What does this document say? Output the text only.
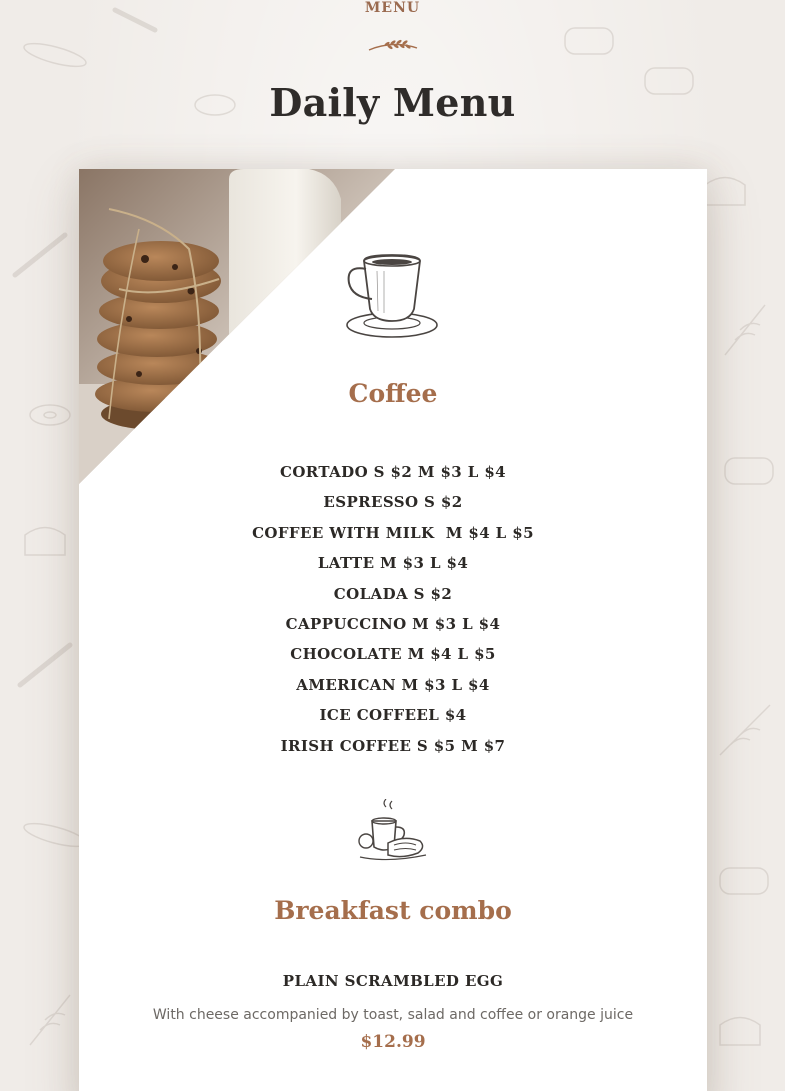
MENU
Daily Menu
Coffee
CORTADO S $2 M $3 L $4
ESPRESSO S $2
COFFEE WITH MILK  M $4 L $5
LATTE M $3 L $4
COLADA S $2
CAPPUCCINO M $3 L $4
CHOCOLATE M $4 L $5
AMERICAN M $3 L $4
ICE COFFEEL $4
IRISH COFFEE S $5 M $7
Breakfast combo
PLAIN SCRAMBLED EGG
With cheese accompanied by toast, salad and coffee or orange juice
$12.99
